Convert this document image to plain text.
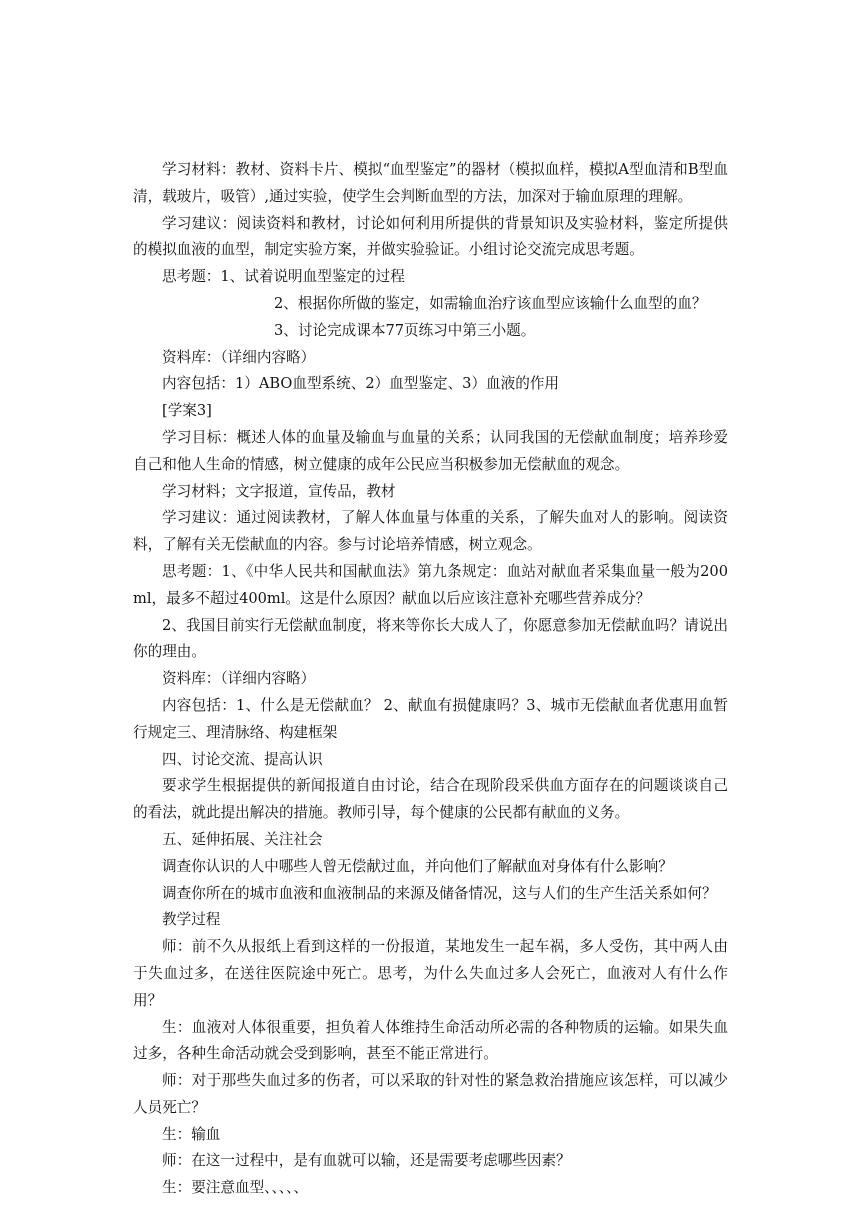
学习材料：教材、资料卡片、模拟“血型鉴定”的器材（模拟血样，模拟A型血清和B型血清，载玻片，吸管）,通过实验，使学生会判断血型的方法，加深对于输血原理的理解。

学习建议：阅读资料和教材，讨论如何利用所提供的背景知识及实验材料，鉴定所提供的模拟血液的血型，制定实验方案，并做实验验证。小组讨论交流完成思考题。

思考题：1、试着说明血型鉴定的过程

2、根据你所做的鉴定，如需输血治疗该血型应该输什么血型的血？

3、讨论完成课本77页练习中第三小题。

资料库：（详细内容略）

内容包括：1）ABO血型系统、2）血型鉴定、3）血液的作用

[学案3]

学习目标：概述人体的血量及输血与血量的关系；认同我国的无偿献血制度；培养珍爱自己和他人生命的情感，树立健康的成年公民应当积极参加无偿献血的观念。

学习材料；文字报道，宣传品，教材

学习建议：通过阅读教材，了解人体血量与体重的关系，了解失血对人的影响。阅读资料，了解有关无偿献血的内容。参与讨论培养情感，树立观念。

思考题：1、《中华人民共和国献血法》第九条规定：血站对献血者采集血量一般为200ml，最多不超过400ml。这是什么原因？献血以后应该注意补充哪些营养成分？

2、我国目前实行无偿献血制度，将来等你长大成人了，你愿意参加无偿献血吗？请说出你的理由。

资料库：（详细内容略）

内容包括：1、什么是无偿献血？ 2、献血有损健康吗？3、城市无偿献血者优惠用血暂行规定三、理清脉络、构建框架

四、讨论交流、提高认识

要求学生根据提供的新闻报道自由讨论，结合在现阶段采供血方面存在的问题谈谈自己的看法，就此提出解决的措施。教师引导，每个健康的公民都有献血的义务。

五、延伸拓展、关注社会

调查你认识的人中哪些人曾无偿献过血，并向他们了解献血对身体有什么影响？

调查你所在的城市血液和血液制品的来源及储备情况，这与人们的生产生活关系如何？

教学过程

师：前不久从报纸上看到这样的一份报道，某地发生一起车祸，多人受伤，其中两人由于失血过多，在送往医院途中死亡。思考，为什么失血过多人会死亡，血液对人有什么作用？

生：血液对人体很重要，担负着人体维持生命活动所必需的各种物质的运输。如果失血过多，各种生命活动就会受到影响，甚至不能正常进行。

师：对于那些失血过多的伤者，可以采取的针对性的紧急救治措施应该怎样，可以减少人员死亡？

生：输血

师：在这一过程中，是有血就可以输，还是需要考虑哪些因素？

生：要注意血型、、、、、
